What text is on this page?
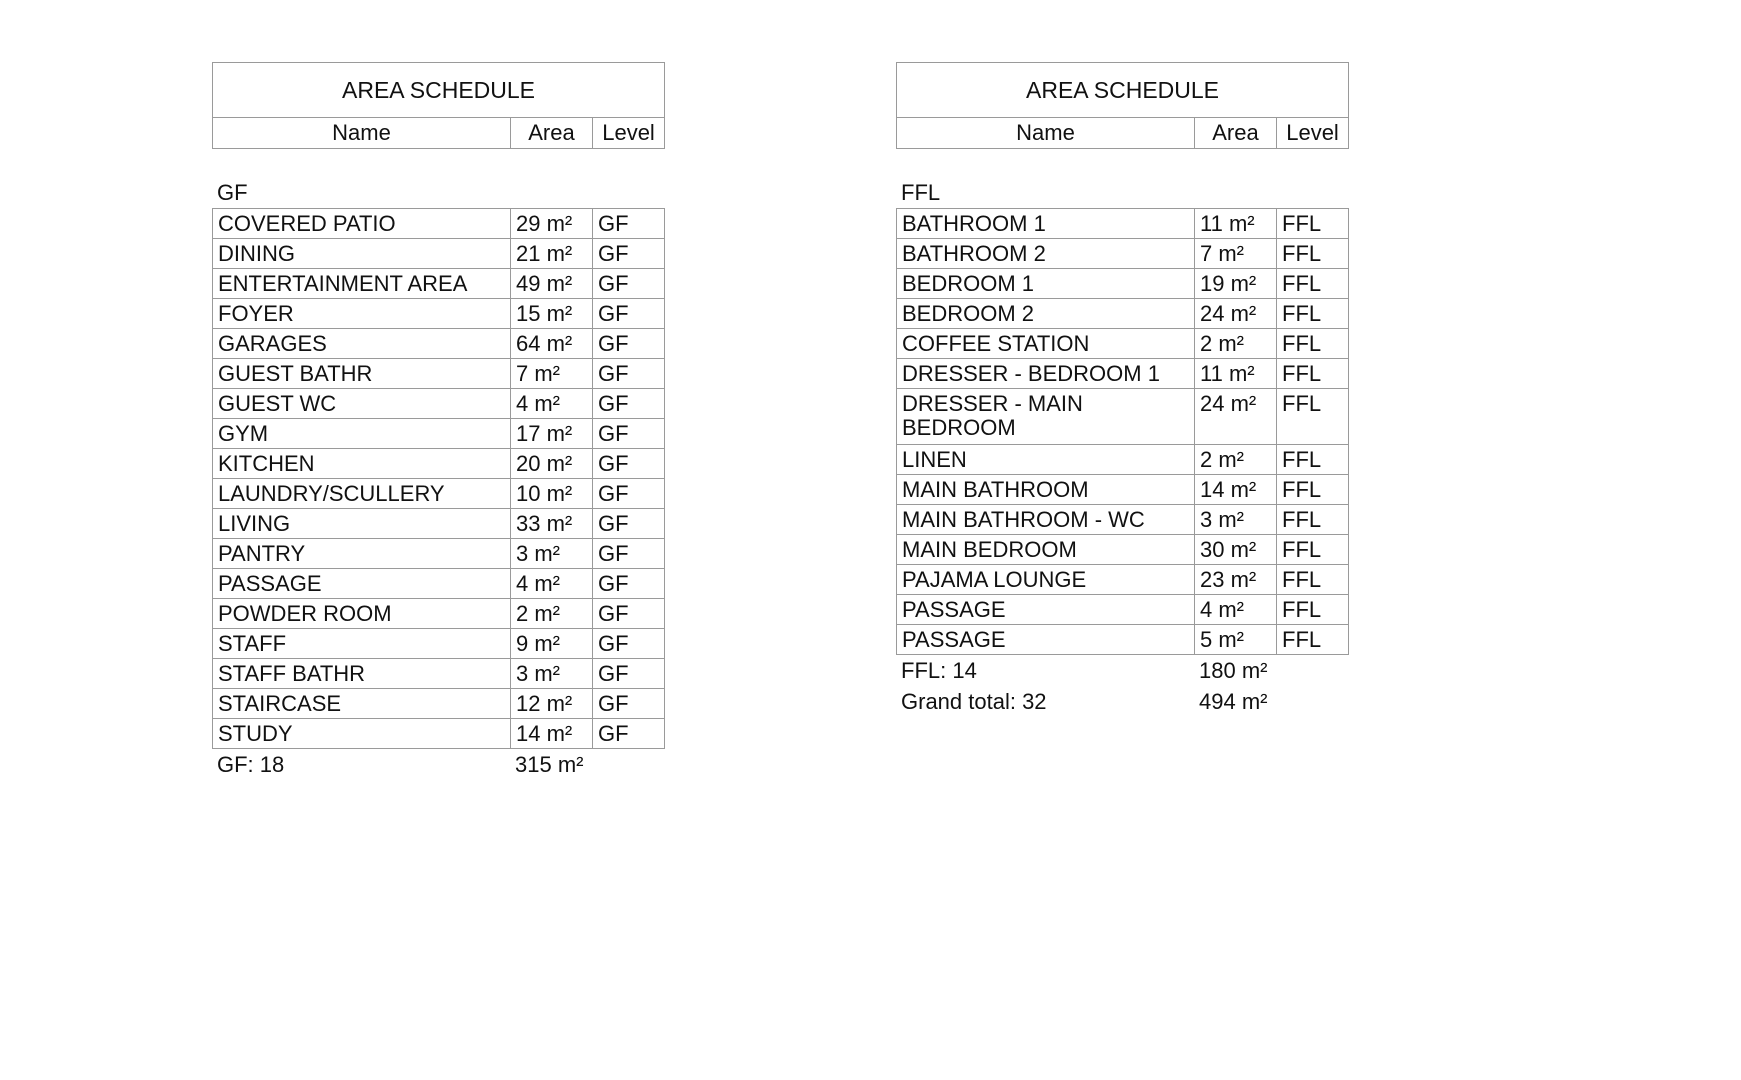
AREA SCHEDULE
Name	Area	Level
GF
COVERED PATIO	29 m²	GF
DINING	21 m²	GF
ENTERTAINMENT AREA	49 m²	GF
FOYER	15 m²	GF
GARAGES	64 m²	GF
GUEST BATHR	7 m²	GF
GUEST WC	4 m²	GF
GYM	17 m²	GF
KITCHEN	20 m²	GF
LAUNDRY/SCULLERY	10 m²	GF
LIVING	33 m²	GF
PANTRY	3 m²	GF
PASSAGE	4 m²	GF
POWDER ROOM	2 m²	GF
STAFF	9 m²	GF
STAFF BATHR	3 m²	GF
STAIRCASE	12 m²	GF
STUDY	14 m²	GF
GF: 18	315 m²	
AREA SCHEDULE
Name	Area	Level
FFL
BATHROOM 1	11 m²	FFL
BATHROOM 2	7 m²	FFL
BEDROOM 1	19 m²	FFL
BEDROOM 2	24 m²	FFL
COFFEE STATION	2 m²	FFL
DRESSER - BEDROOM 1	11 m²	FFL
DRESSER - MAIN BEDROOM	24 m²	FFL
LINEN	2 m²	FFL
MAIN BATHROOM	14 m²	FFL
MAIN BATHROOM - WC	3 m²	FFL
MAIN BEDROOM	30 m²	FFL
PAJAMA LOUNGE	23 m²	FFL
PASSAGE	4 m²	FFL
PASSAGE	5 m²	FFL
FFL: 14	180 m²	
Grand total: 32	494 m²	
